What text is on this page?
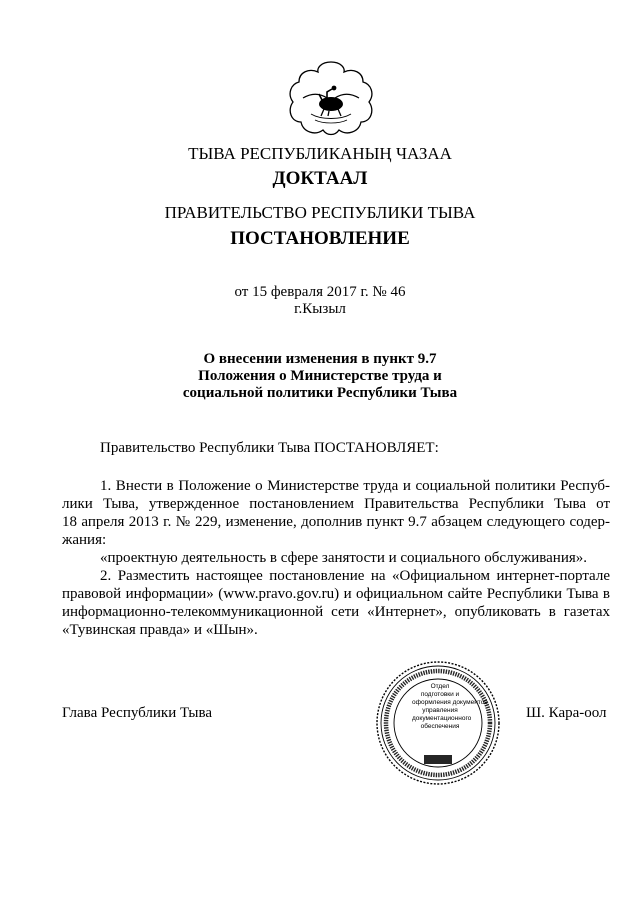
ТЫВА РЕСПУБЛИКАНЫҢ ЧАЗАА
ДОКТААЛ
ПРАВИТЕЛЬСТВО РЕСПУБЛИКИ ТЫВА
ПОСТАНОВЛЕНИЕ
от 15 февраля 2017 г. № 46
г.Кызыл
О внесении изменения в пункт 9.7
Положения о Министерстве труда и
социальной политики Республики Тыва

Правительство Республики Тыва ПОСТАНОВЛЯЕТ:

1. Внести в Положение о Министерстве труда и социальной политики Респуб-

лики Тыва, утвержденное постановлением Правительства Республики Тыва от

18 апреля 2013 г. № 229, изменение, дополнив пункт 9.7 абзацем следующего содер-

жания:

«проектную деятельность в сфере занятости и социального обслуживания».

2. Разместить настоящее постановление на «Официальном интернет-портале

правовой информации» (www.pravo.gov.ru) и официальном сайте Республики Тыва в

информационно-телекоммуникационной сети «Интернет», опубликовать в газетах

«Тувинская правда» и «Шын».

Глава Республики Тыва	Ш. Кара-оол
Отдел
подготовки и
оформления документов
управления
документационного
обеспечения
